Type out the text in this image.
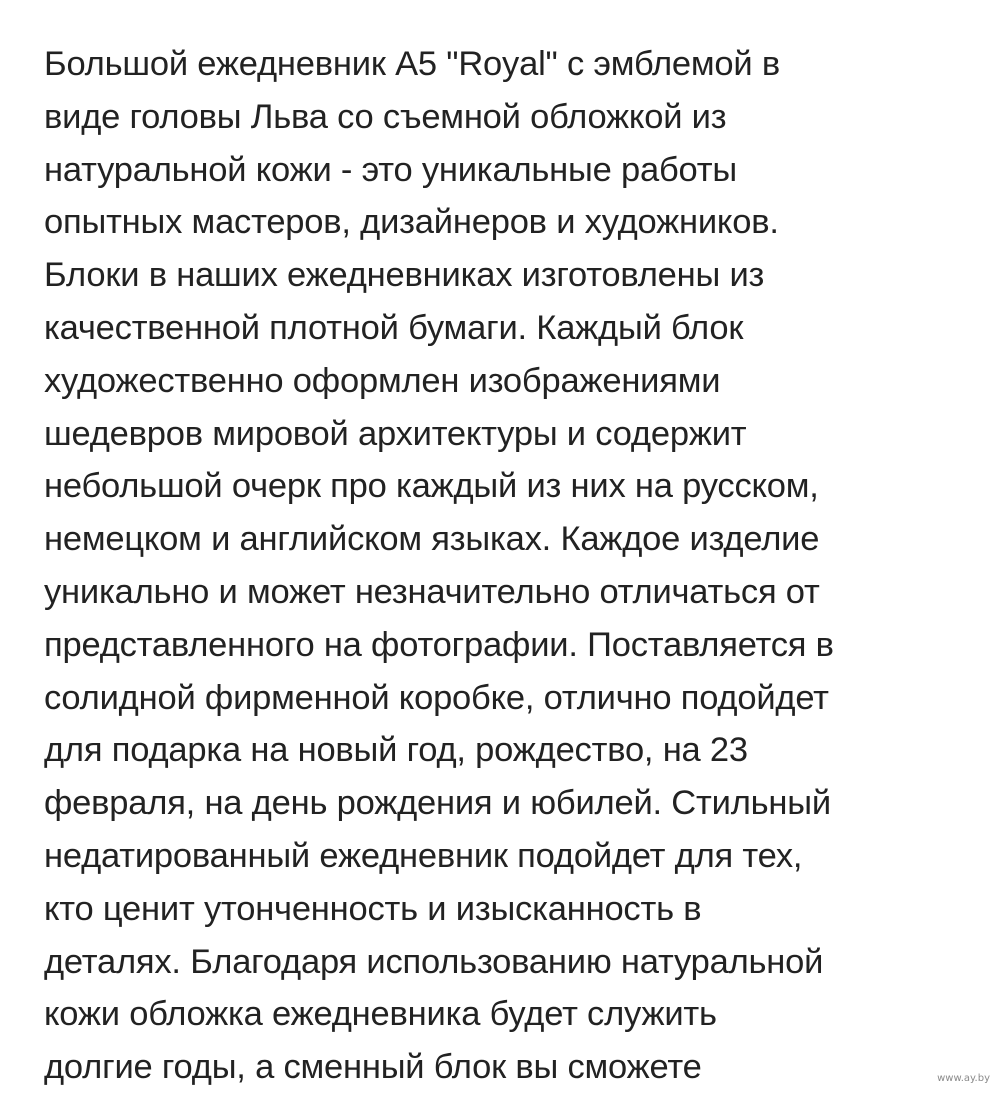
Большой ежедневник А5 "Royal" с эмблемой в
виде головы Льва со съемной обложкой из
натуральной кожи - это уникальные работы
опытных мастеров, дизайнеров и художников.
Блоки в наших ежедневниках изготовлены из
качественной плотной бумаги. Каждый блок
художественно оформлен изображениями
шедевров мировой архитектуры и содержит
небольшой очерк про каждый из них на русском,
немецком и английском языках. Каждое изделие
уникально и может незначительно отличаться от
представленного на фотографии. Поставляется в
солидной фирменной коробке, отлично подойдет
для подарка на новый год, рождество, на 23
февраля, на день рождения и юбилей. Стильный
недатированный ежедневник подойдет для тех,
кто ценит утонченность и изысканность в
деталях. Благодаря использованию натуральной
кожи обложка ежедневника будет служить
долгие годы, а сменный блок вы сможете	www.ay.by
